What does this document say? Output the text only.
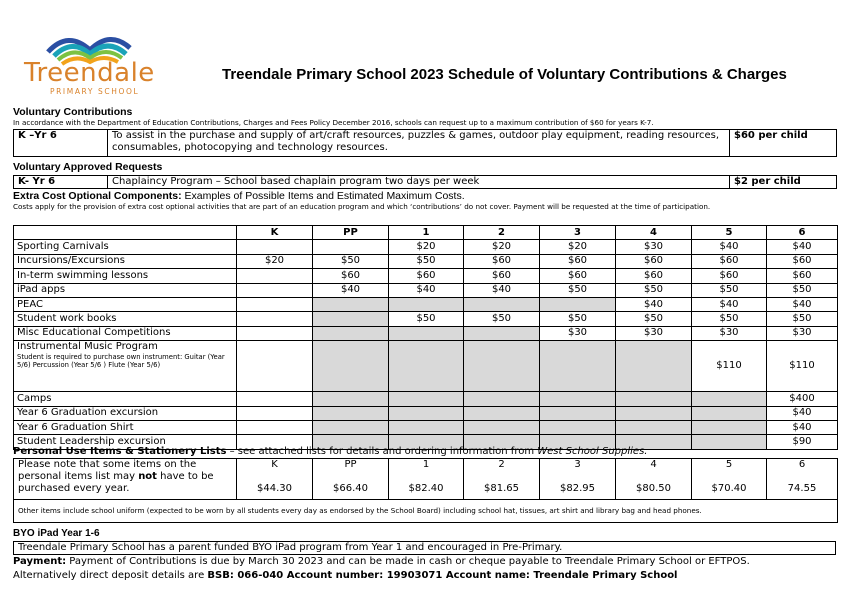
Treendale
PRIMARY SCHOOL
Treendale Primary School 2023 Schedule of Voluntary Contributions & Charges
Voluntary Contributions
In accordance with the Department of Education Contributions, Charges and Fees Policy December 2016, schools can request up to a maximum contribution of $60 for years K-7.
K –Yr 6	To assist in the purchase and supply of art/craft resources, puzzles & games, outdoor play equipment, reading resources, consumables, photocopying and technology resources.	$60 per child
Voluntary Approved Requests
K- Yr 6	Chaplaincy Program – School based chaplain program two days per week	$2 per child
Extra Cost Optional Components: Examples of Possible Items and Estimated Maximum Costs.
Costs apply for the provision of extra cost optional activities that are part of an education program and which ‘contributions’ do not cover. Payment will be requested at the time of participation.
	K	PP	1	2	3	4	5	6
Sporting Carnivals			$20	$20	$20	$30	$40	$40
Incursions/Excursions	$20	$50	$50	$60	$60	$60	$60	$60
In-term swimming lessons		$60	$60	$60	$60	$60	$60	$60
iPad apps		$40	$40	$40	$50	$50	$50	$50
PEAC						$40	$40	$40
Student work books			$50	$50	$50	$50	$50	$50
Misc Educational Competitions					$30	$30	$30	$30

Instrumental Music Program
Student is required to purchase own instrument: Guitar (Year 5/6) Percussion (Year 5/6 ) Flute (Year 5/6)							$110	$110
Camps								$400
Year 6 Graduation excursion								$40
Year 6 Graduation Shirt								$40
Student Leadership excursion								$90
Personal Use Items & Stationery Lists – see attached lists for details and ordering information from West School Supplies.
Please note that some items on the personal items list may not have to be purchased every year.	K	PP	1	2	3	4	5	6
	$44.30	$66.40	$82.40	$81.65	$82.95	$80.50	$70.40	74.55
Other items include school uniform (expected to be worn by all students every day as endorsed by the School Board) including school hat, tissues, art shirt and library bag and head phones.								
BYO iPad Year 1-6
Treendale Primary School has a parent funded BYO iPad program from Year 1 and encouraged in Pre-Primary.
Payment: Payment of Contributions is due by March 30 2023 and can be made in cash or cheque payable to Treendale Primary School or EFTPOS.
Alternatively direct deposit details are BSB: 066-040 Account number: 19903071 Account name: Treendale Primary School
